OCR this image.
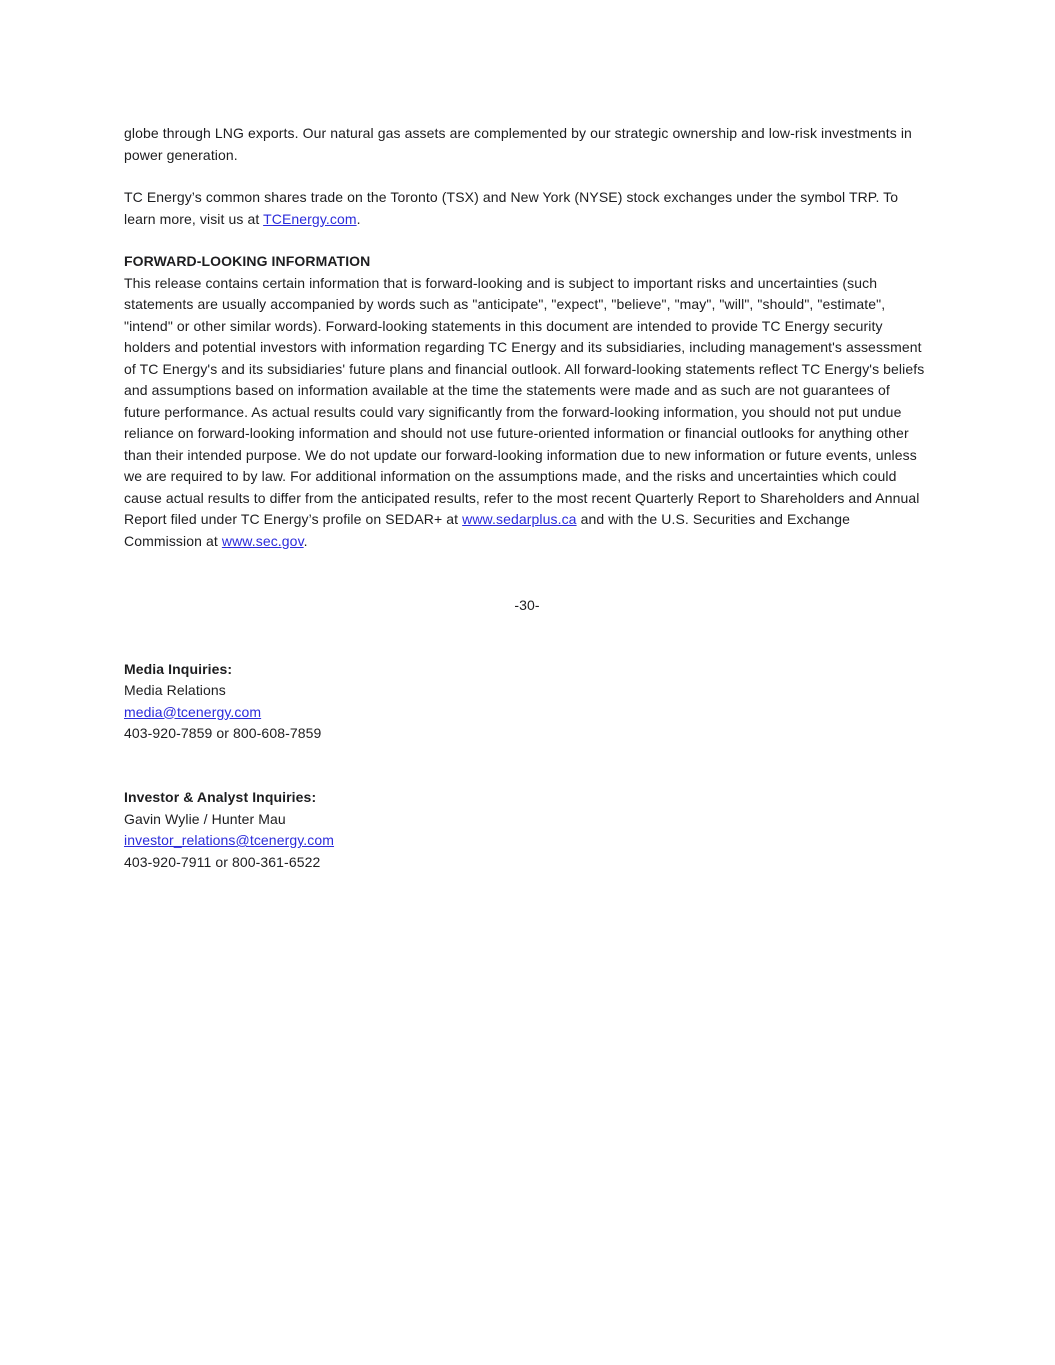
globe through LNG exports. Our natural gas assets are complemented by our strategic ownership and low-risk investments in power generation.

TC Energy’s common shares trade on the Toronto (TSX) and New York (NYSE) stock exchanges under the symbol TRP. To learn more, visit us at TCEnergy.com.

FORWARD-LOOKING INFORMATION

This release contains certain information that is forward-looking and is subject to important risks and uncertainties (such statements are usually accompanied by words such as "anticipate", "expect", "believe", "may", "will", "should", "estimate", "intend" or other similar words). Forward-looking statements in this document are intended to provide TC Energy security holders and potential investors with information regarding TC Energy and its subsidiaries, including management's assessment of TC Energy's and its subsidiaries' future plans and financial outlook. All forward-looking statements reflect TC Energy's beliefs and assumptions based on information available at the time the statements were made and as such are not guarantees of future performance. As actual results could vary significantly from the forward-looking information, you should not put undue reliance on forward-looking information and should not use future-oriented information or financial outlooks for anything other than their intended purpose. We do not update our forward-looking information due to new information or future events, unless we are required to by law. For additional information on the assumptions made, and the risks and uncertainties which could cause actual results to differ from the anticipated results, refer to the most recent Quarterly Report to Shareholders and Annual Report filed under TC Energy’s profile on SEDAR+ at www.sedarplus.ca and with the U.S. Securities and Exchange Commission at www.sec.gov.

-30-

Media Inquiries:

Media Relations

media@tcenergy.com

403-920-7859 or 800-608-7859

Investor & Analyst Inquiries:

Gavin Wylie / Hunter Mau

investor_relations@tcenergy.com

403-920-7911 or 800-361-6522
